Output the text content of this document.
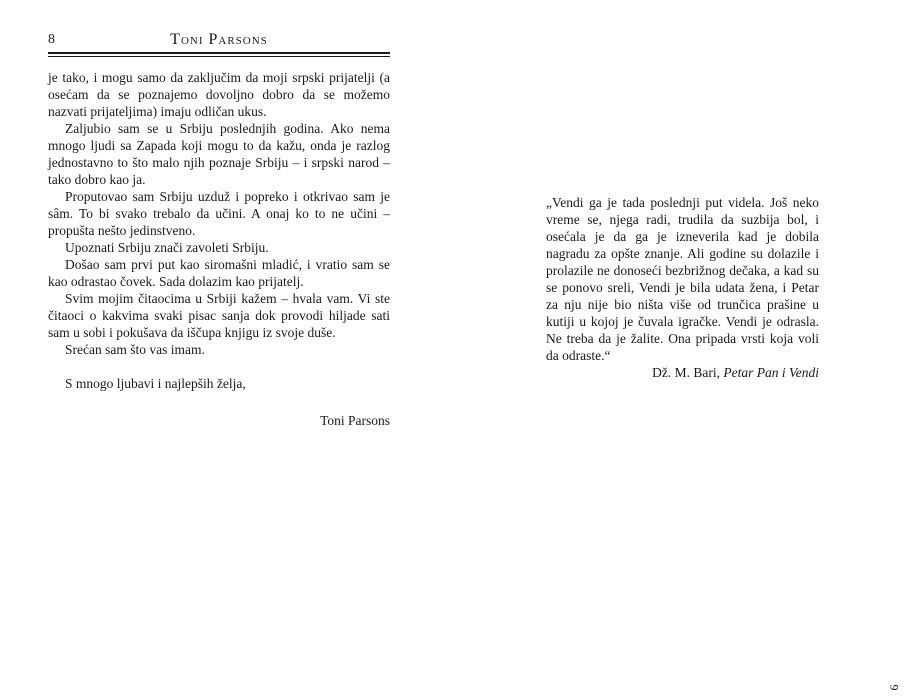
8	Toni Parsons

je tako, i mogu samo da zaključim da moji srpski prijatelji (a osećam da se poznajemo dovoljno dobro da se možemo nazvati prijateljima) imaju odličan ukus.

Zaljubio sam se u Srbiju poslednjih godina. Ako nema mnogo ljudi sa Zapada koji mogu to da kažu, onda je razlog jednostavno to što malo njih poznaje Srbiju – i srpski narod – tako dobro kao ja.

Proputovao sam Srbiju uzduž i popreko i otkrivao sam je sâm. To bi svako trebalo da učini. A onaj ko to ne učini – propušta nešto jedinstveno.

Upoznati Srbiju znači zavoleti Srbiju.

Došao sam prvi put kao siromašni mladić, i vratio sam se kao odrastao čovek. Sada dolazim kao prijatelj.

Svim mojim čitaocima u Srbiji kažem – hvala vam. Vi ste čitaoci o kakvima svaki pisac sanja dok provodi hiljade sati sam u sobi i pokušava da iščupa knjigu iz svoje duše.

Srećan sam što vas imam.

S mnogo ljubavi i najlepših želja,

Toni Parsons

„Vendi ga je tada poslednji put videla. Još neko vreme se, njega radi, trudila da suzbija bol, i osećala je da ga je izneverila kad je dobila nagradu za opšte znanje. Ali godine su dolazile i prolazile ne donoseći bezbrižnog dečaka, a kad su se ponovo sreli, Vendi je bila udata žena, i Petar za nju nije bio ništa više od trunčica prašine u kutiji u kojoj je čuvala igračke. Vendi je odrasla. Ne treba da je žalite. Ona pripada vrsti koja voli da odraste.“

Dž. M. Bari, Petar Pan i Vendi
9
